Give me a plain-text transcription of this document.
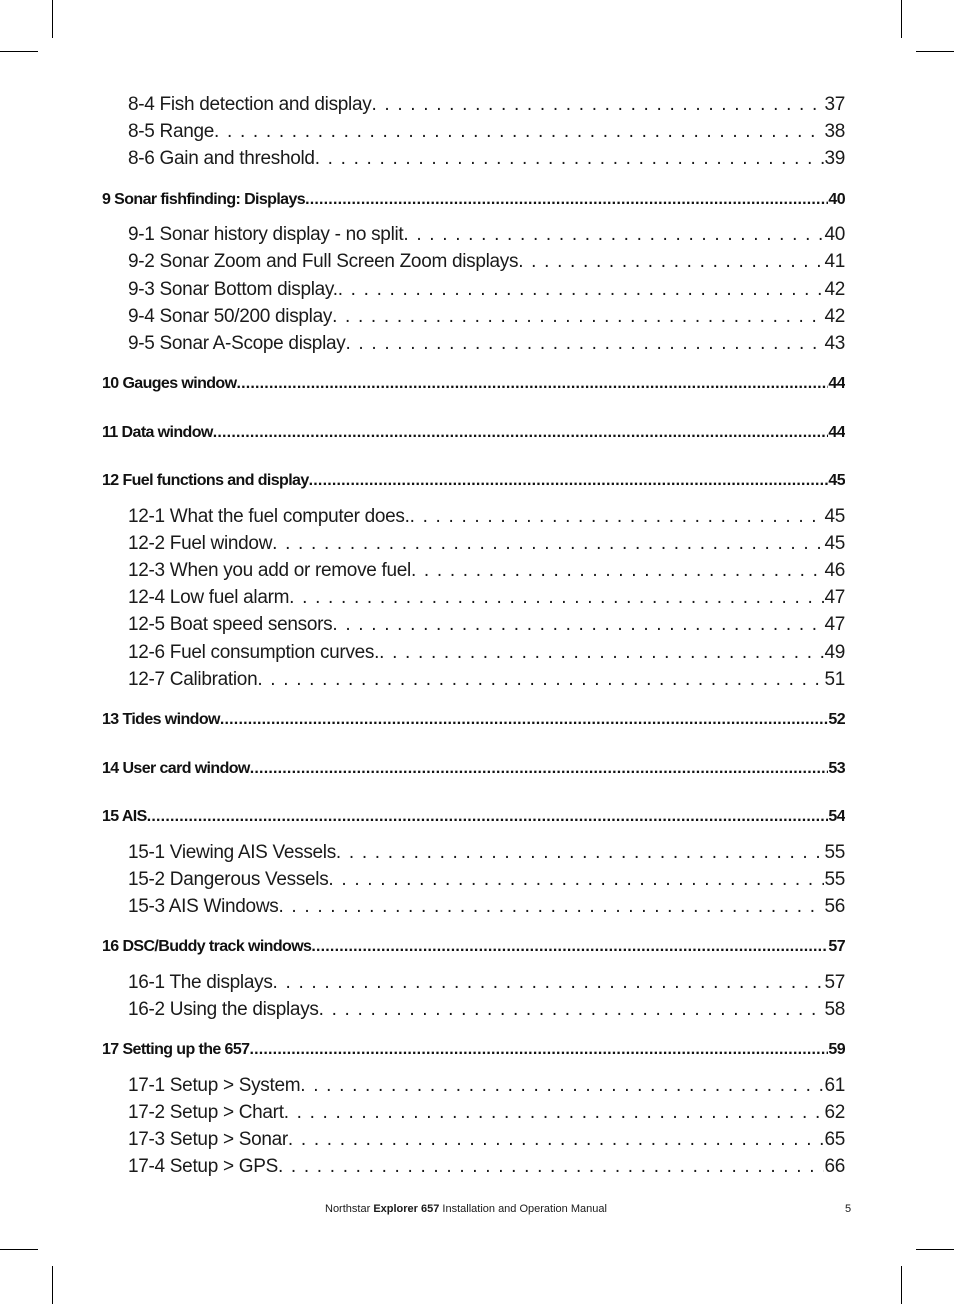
8-4 Fish detection and display . . .	37
8-5 Range . . .	38
8-6 Gain and threshold . . .	39
9 Sonar fishfinding: Displays .....	40
9-1 Sonar history display - no split . . .	40
9-2 Sonar Zoom and Full Screen Zoom displays . . .	41
9-3 Sonar Bottom display. . . .	42
9-4 Sonar 50/200 display . . .	42
9-5 Sonar A-Scope display . . .	43
10 Gauges window .....	44
11 Data window .....	44
12 Fuel functions and display .....	45
12-1 What the fuel computer does. . . .	45
12-2 Fuel window . . .	45
12-3 When you add or remove fuel . . .	46
12-4 Low fuel alarm . . .	47
12-5 Boat speed sensors . . .	47
12-6 Fuel consumption curves. . . .	49
12-7 Calibration . . .	51
13 Tides window .....	52
14 User card window .....	53
15 AIS .....	54
15-1 Viewing AIS Vessels . . .	55
15-2 Dangerous Vessels . . .	55
15-3 AIS Windows . . .	56
16 DSC/Buddy track windows .....	57
16-1 The displays . . .	57
16-2 Using the displays . . .	58
17 Setting up the 657 .....	59
17-1 Setup > System . . .	61
17-2 Setup > Chart . . .	62
17-3 Setup > Sonar . . .	65
17-4 Setup > GPS . . .	66
Northstar Explorer 657 Installation and Operation Manual	5
